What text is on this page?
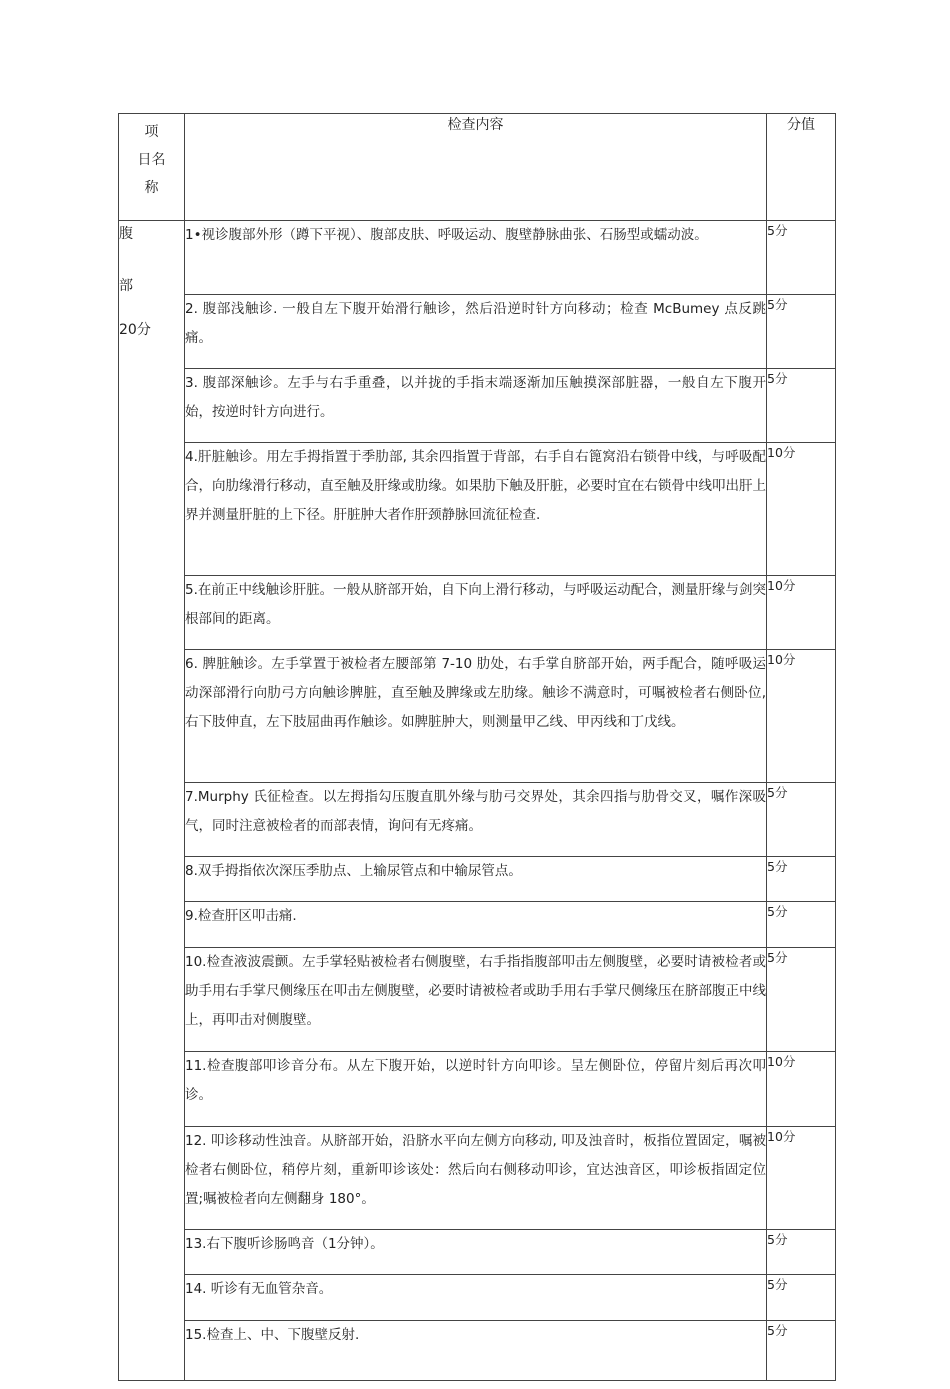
项
日名
称	检查内容	分值

腹
部
20分	1•视诊腹部外形（蹲下平视）、腹部皮肤、呼吸运动、腹壁静脉曲张、石肠型或蠕动波。	5分
	2. 腹部浅触诊. 一般自左下腹开始滑行触诊，然后沿逆时针方向移动；检查 McBumey 点反跳痛。	5分
	3. 腹部深触诊。左手与右手重叠，以并拢的手指末端逐渐加压触摸深部脏器，一般自左下腹开始，按逆时针方向进行。	5分
	4.肝脏触诊。用左手拇指置于季肋部, 其余四指置于背部，右手自右篦窝沿右锁骨中线，与呼吸配合，向肋缘滑行移动，直至触及肝缘或肋缘。如果肋下触及肝脏，必要时宜在右锁骨中线叩出肝上界并测量肝脏的上下径。肝脏肿大者作肝颈静脉回流征检查.	10分
	5.在前正中线触诊肝脏。一般从脐部开始，自下向上滑行移动，与呼吸运动配合，测量肝缘与剑突根部间的距离。	10分
	6. 脾脏触诊。左手掌置于被检者左腰部第 7-10 肋处，右手掌自脐部开始，两手配合，随呼吸运动深部滑行向肋弓方向触诊脾脏，直至触及脾缘或左肋缘。触诊不满意时，可嘱被检者右侧卧位, 右下肢伸直，左下肢屈曲再作触诊。如脾脏肿大，则测量甲乙线、甲丙线和丁戊线。	10分
	7.Murphy 氏征检查。以左拇指勾压腹直肌外缘与肋弓交界处，其余四指与肋骨交叉，嘱作深吸气，同时注意被检者的而部表情，询问有无疼痛。	5分
	8.双手拇指依次深压季肋点、上输尿管点和中输尿管点。	5分
	9.检查肝区叩击痛.	5分
	10.检查液波震颤。左手掌轻贴被检者右侧腹壁，右手指指腹部叩击左侧腹壁，必要时请被检者或助手用右手掌尺侧缘压在叩击左侧腹壁，必要时请被检者或助手用右手掌尺侧缘压在脐部腹正中线上，再叩击对侧腹壁。	5分
	11.检查腹部叩诊音分布。从左下腹开始，以逆时针方向叩诊。呈左侧卧位，停留片刻后再次叩诊。	10分
	12. 叩诊移动性浊音。从脐部开始，沿脐水平向左侧方向移动, 叩及浊音时，板指位置固定，嘱被检者右侧卧位，稍停片刻，重新叩诊该处：然后向右侧移动叩诊，宜达浊音区，叩诊板指固定位置;嘱被检者向左侧翻身 180°。	10分
	13.右下腹听诊肠鸣音（1分钟）。	5分
	14. 听诊有无血管杂音。	5分
	15.检查上、中、下腹壁反射.	5分
